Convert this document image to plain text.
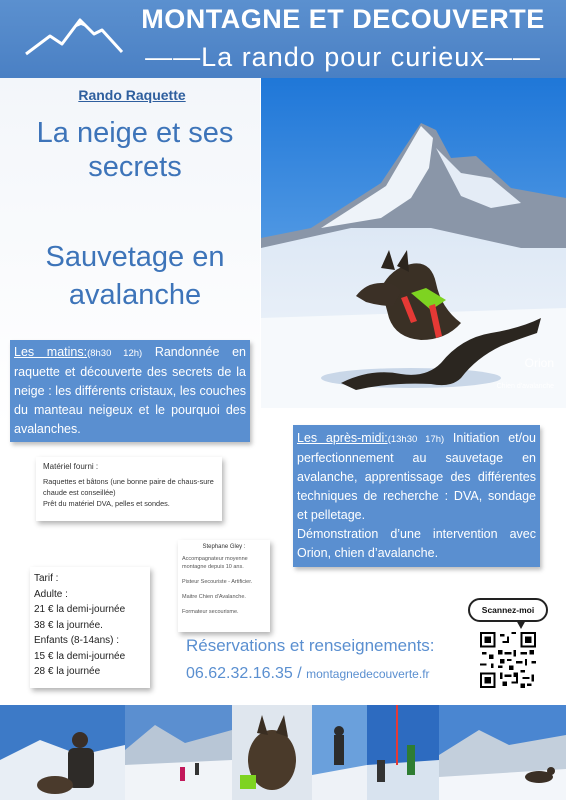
MONTAGNE ET DECOUVERTE
——La rando pour curieux——
Rando Raquette
La neige et ses secrets
Sauvetage en avalanche
Orion
Chien d'avalanche
Les matins:(8h30 12h) Randonnée en raquette et découverte des secrets de la neige : les différents cristaux, les couches du manteau neigeux et le pourquoi des avalanches.
Les après-midi:(13h30 17h) Initiation et/ou perfectionnement au sauvetage en avalanche, apprentissage des différentes techniques de recherche : DVA, sondage et pelletage.
Démonstration d’une intervention avec Orion, chien d’avalanche.
Matériel fourni :
Raquettes et bâtons (une bonne paire de chaus-sure chaude est conseillée)
Prêt du matériel DVA, pelles et sondes.
Stephane Gley :

Accompagnateur moyenne montagne depuis 10 ans.

Pisteur Secouriste - Artificier.

Maitre Chien d'Avalanche.

Formateur secourisme.

Tarif :
Adulte :
21 € la demi-journée
38 € la journée.
Enfants (8-14ans) :
15 € la demi-journée
28 € la journée
Réservations et renseignements:
06.62.32.16.35 / montagnedecouverte.fr
Scannez-moi
